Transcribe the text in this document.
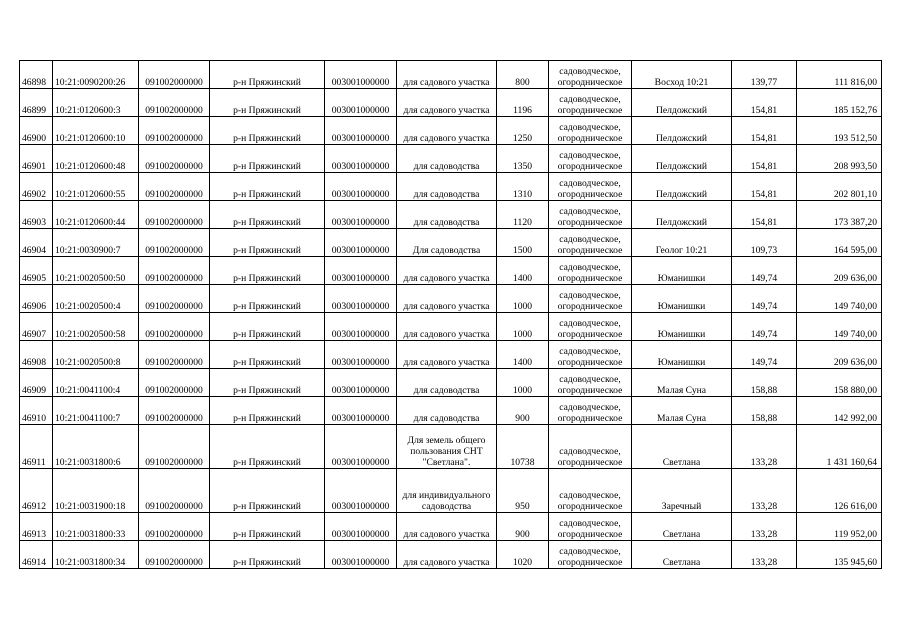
46898	10:21:0090200:26	091002000000	р-н Пряжинский	003001000000	для садового участка	800	садоводческое, огородническое	Восход 10:21	139,77	111 816,00
46899	10:21:0120600:3	091002000000	р-н Пряжинский	003001000000	для садового участка	1196	садоводческое, огородническое	Пелдожский	154,81	185 152,76
46900	10:21:0120600:10	091002000000	р-н Пряжинский	003001000000	для садового участка	1250	садоводческое, огородническое	Пелдожский	154,81	193 512,50
46901	10:21:0120600:48	091002000000	р-н Пряжинский	003001000000	для садоводства	1350	садоводческое, огородническое	Пелдожский	154,81	208 993,50
46902	10:21:0120600:55	091002000000	р-н Пряжинский	003001000000	для садоводства	1310	садоводческое, огородническое	Пелдожский	154,81	202 801,10
46903	10:21:0120600:44	091002000000	р-н Пряжинский	003001000000	для садоводства	1120	садоводческое, огородническое	Пелдожский	154,81	173 387,20
46904	10:21:0030900:7	091002000000	р-н Пряжинский	003001000000	Для садоводства	1500	садоводческое, огородническое	Геолог 10:21	109,73	164 595,00
46905	10:21:0020500:50	091002000000	р-н Пряжинский	003001000000	для садового участка	1400	садоводческое, огородническое	Юманишки	149,74	209 636,00
46906	10:21:0020500:4	091002000000	р-н Пряжинский	003001000000	для садового участка	1000	садоводческое, огородническое	Юманишки	149,74	149 740,00
46907	10:21:0020500:58	091002000000	р-н Пряжинский	003001000000	для садового участка	1000	садоводческое, огородническое	Юманишки	149,74	149 740,00
46908	10:21:0020500:8	091002000000	р-н Пряжинский	003001000000	для садового участка	1400	садоводческое, огородническое	Юманишки	149,74	209 636,00
46909	10:21:0041100:4	091002000000	р-н Пряжинский	003001000000	для садоводства	1000	садоводческое, огородническое	Малая Суна	158,88	158 880,00
46910	10:21:0041100:7	091002000000	р-н Пряжинский	003001000000	для садоводства	900	садоводческое, огородническое	Малая Суна	158,88	142 992,00
46911	10:21:0031800:6	091002000000	р-н Пряжинский	003001000000	Для земель общего пользования СНТ "Светлана".	10738	садоводческое, огородническое	Светлана	133,28	1 431 160,64
46912	10:21:0031900:18	091002000000	р-н Пряжинский	003001000000	для индивидуального садоводства	950	садоводческое, огородническое	Заречный	133,28	126 616,00
46913	10:21:0031800:33	091002000000	р-н Пряжинский	003001000000	для садового участка	900	садоводческое, огородническое	Светлана	133,28	119 952,00
46914	10:21:0031800:34	091002000000	р-н Пряжинский	003001000000	для садового участка	1020	садоводческое, огородническое	Светлана	133,28	135 945,60
